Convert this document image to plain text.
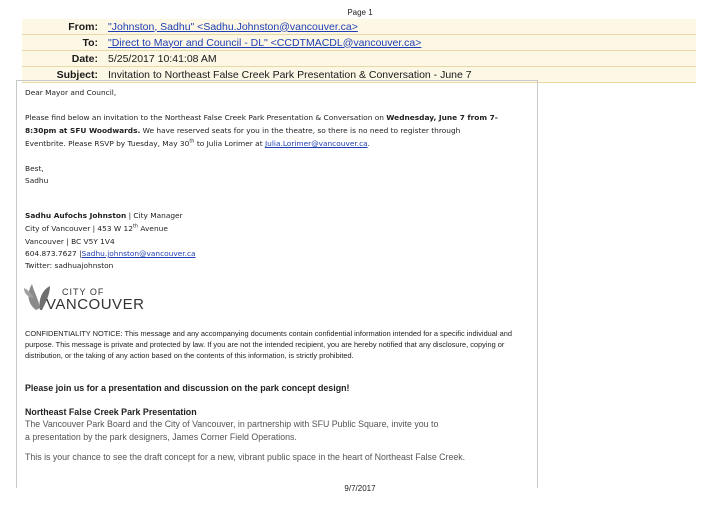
Page 1
From:	"Johnston, Sadhu" <Sadhu.Johnston@vancouver.ca>
To:	"Direct to Mayor and Council - DL" <CCDTMACDL@vancouver.ca>
Date:	5/25/2017 10:41:08 AM
Subject:	Invitation to Northeast False Creek Park Presentation & Conversation - June 7
Dear Mayor and Council,
Please find below an invitation to the Northeast False Creek Park Presentation & Conversation on Wednesday, June 7 from 7-
8:30pm at SFU Woodwards. We have reserved seats for you in the theatre, so there is no need to register through
Eventbrite. Please RSVP by Tuesday, May 30th to Julia Lorimer at Julia.Lorimer@vancouver.ca.
Best,
Sadhu
Sadhu Aufochs Johnston | City Manager
City of Vancouver | 453 W 12th Avenue
Vancouver | BC V5Y 1V4
604.873.7627 |Sadhu.johnston@vancouver.ca
Twitter: sadhuajohnston
CITY OF
VANCOUVER
CONFIDENTIALITY NOTICE: This message and any accompanying documents contain confidential information intended for a specific individual and purpose. This message is private and protected by law. If you are not the intended recipient, you are hereby notified that any disclosure, copying or distribution, or the taking of any action based on the contents of this information, is strictly prohibited.
Please join us for a presentation and discussion on the park concept design!
Northeast False Creek Park Presentation
The Vancouver Park Board and the City of Vancouver, in partnership with SFU Public Square, invite you to
a presentation by the park designers, James Corner Field Operations.
This is your chance to see the draft concept for a new, vibrant public space in the heart of Northeast False Creek.
9/7/2017
